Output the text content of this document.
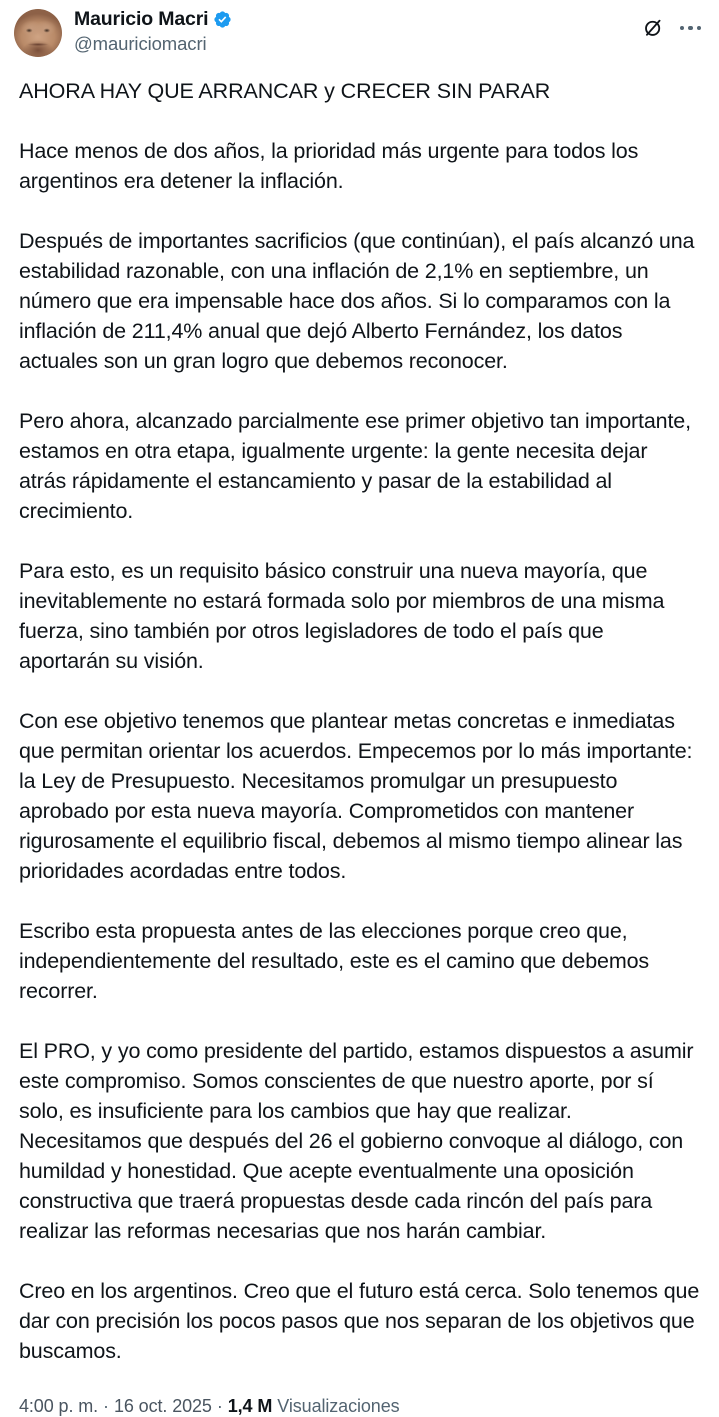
Mauricio Macri
@mauriciomacri
AHORA HAY QUE ARRANCAR y CRECER SIN PARAR

Hace menos de dos años, la prioridad más urgente para todos los argentinos era detener la inflación.

Después de importantes sacrificios (que continúan), el país alcanzó una estabilidad razonable, con una inflación de 2,1% en septiembre, un número que era impensable hace dos años. Si lo comparamos con la inflación de 211,4% anual que dejó Alberto Fernández, los datos actuales son un gran logro que debemos reconocer.

Pero ahora, alcanzado parcialmente ese primer objetivo tan importante, estamos en otra etapa, igualmente urgente: la gente necesita dejar atrás rápidamente el estancamiento y pasar de la estabilidad al crecimiento.

Para esto, es un requisito básico construir una nueva mayoría, que inevitablemente no estará formada solo por miembros de una misma fuerza, sino también por otros legisladores de todo el país que aportarán su visión.

Con ese objetivo tenemos que plantear metas concretas e inmediatas que permitan orientar los acuerdos. Empecemos por lo más importante: la Ley de Presupuesto. Necesitamos promulgar un presupuesto aprobado por esta nueva mayoría. Comprometidos con mantener rigurosamente el equilibrio fiscal, debemos al mismo tiempo alinear las prioridades acordadas entre todos.

Escribo esta propuesta antes de las elecciones porque creo que, independientemente del resultado, este es el camino que debemos recorrer.

El PRO, y yo como presidente del partido, estamos dispuestos a asumir este compromiso. Somos conscientes de que nuestro aporte, por sí solo, es insuficiente para los cambios que hay que realizar. Necesitamos que después del 26 el gobierno convoque al diálogo, con humildad y honestidad. Que acepte eventualmente una oposición constructiva que traerá propuestas desde cada rincón del país para realizar las reformas necesarias que nos harán cambiar.

Creo en los argentinos. Creo que el futuro está cerca. Solo tenemos que dar con precisión los pocos pasos que nos separan de los objetivos que buscamos.

4:00 p. m. · 16 oct. 2025 · 1,4 M Visualizaciones
